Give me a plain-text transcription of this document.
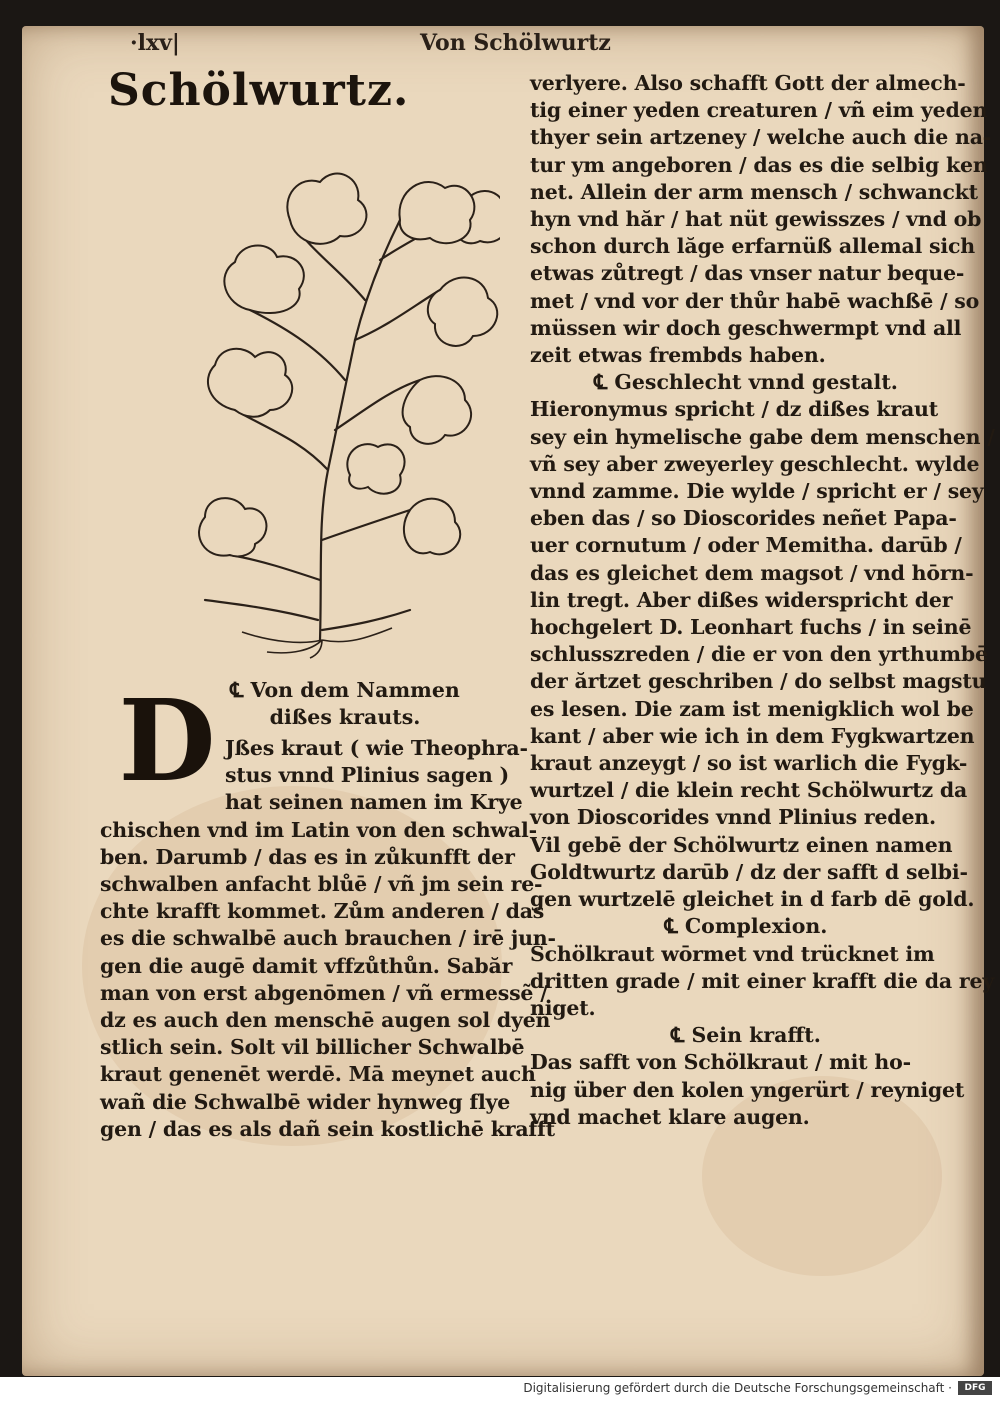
·lxv|	Von Schölwurtz
Schölwurtz.
℄ Von dem Nammen
dißes krauts.
Jßes kraut ( wie Theophra-
stus vnnd Plinius sagen )
hat seinen namen im Krye
chischen vnd im Latin von den schwal-
ben. Darumb / das es in zůkunfft der
schwalben anfacht blůē / vñ jm sein re-
chte krafft kommet. Zům anderen / das
es die schwalbē auch brauchen / irē jun-
gen die augē damit vffzůthůn. Sabăr
man von erst abgenōmen / vñ ermessẽ /
dz es auch den menschē augen sol dyen
stlich sein. Solt vil billicher Schwalbē
kraut genenēt werdē. Mā meynet auch
wañ die Schwalbē wider hynweg flye
gen / das es als dañ sein kostlichē krafft
D
verlyere. Also schafft Gott der almech-
tig einer yeden creaturen / vñ eim yeden
thyer sein artzeney / welche auch die na-
tur ym angeboren / das es die selbig ken
net. Allein der arm mensch / schwanckt
hyn vnd hăr / hat nüt gewisszes / vnd ob
schon durch lăge erfarnüß allemal sich
etwas zůtregt / das vnser natur beque-
met / vnd vor der thůr habē wachßē / so
müssen wir doch geschwermpt vnd all
zeit etwas frembds haben.
℄ Geschlecht vnnd gestalt.
Hieronymus spricht / dz dißes kraut
sey ein hymelische gabe dem menschen /
vñ sey aber zweyerley geschlecht. wylde
vnnd zamme. Die wylde / spricht er / sey
eben das / so Dioscorides neñet Papa-
uer cornutum / oder Memitha. darūb /
das es gleichet dem magsot / vnd hōrn-
lin tregt. Aber dißes widerspricht der
hochgelert D. Leonhart fuchs / in seinē
schlusszreden / die er von den yrthumbē
der ărtzet geschriben / do selbst magstu
es lesen. Die zam ist menigklich wol be
kant / aber wie ich in dem Fygkwartzen
kraut anzeygt / so ist warlich die Fygk-
wurtzel / die klein recht Schölwurtz da
von Dioscorides vnnd Plinius reden.
Vil gebē der Schölwurtz einen namen
Goldtwurtz darūb / dz der safft d selbi-
gen wurtzelē gleichet in d farb dē gold.
℄ Complexion.
Schölkraut wōrmet vnd trücknet im
dritten grade / mit einer krafft die da rey
niget.
℄ Sein krafft.
Das safft von Schölkraut / mit ho-
nig über den kolen yngerürt / reyniget
vnd machet klare augen.
Digitalisierung gefördert durch die Deutsche Forschungsgemeinschaft ·	DFG
